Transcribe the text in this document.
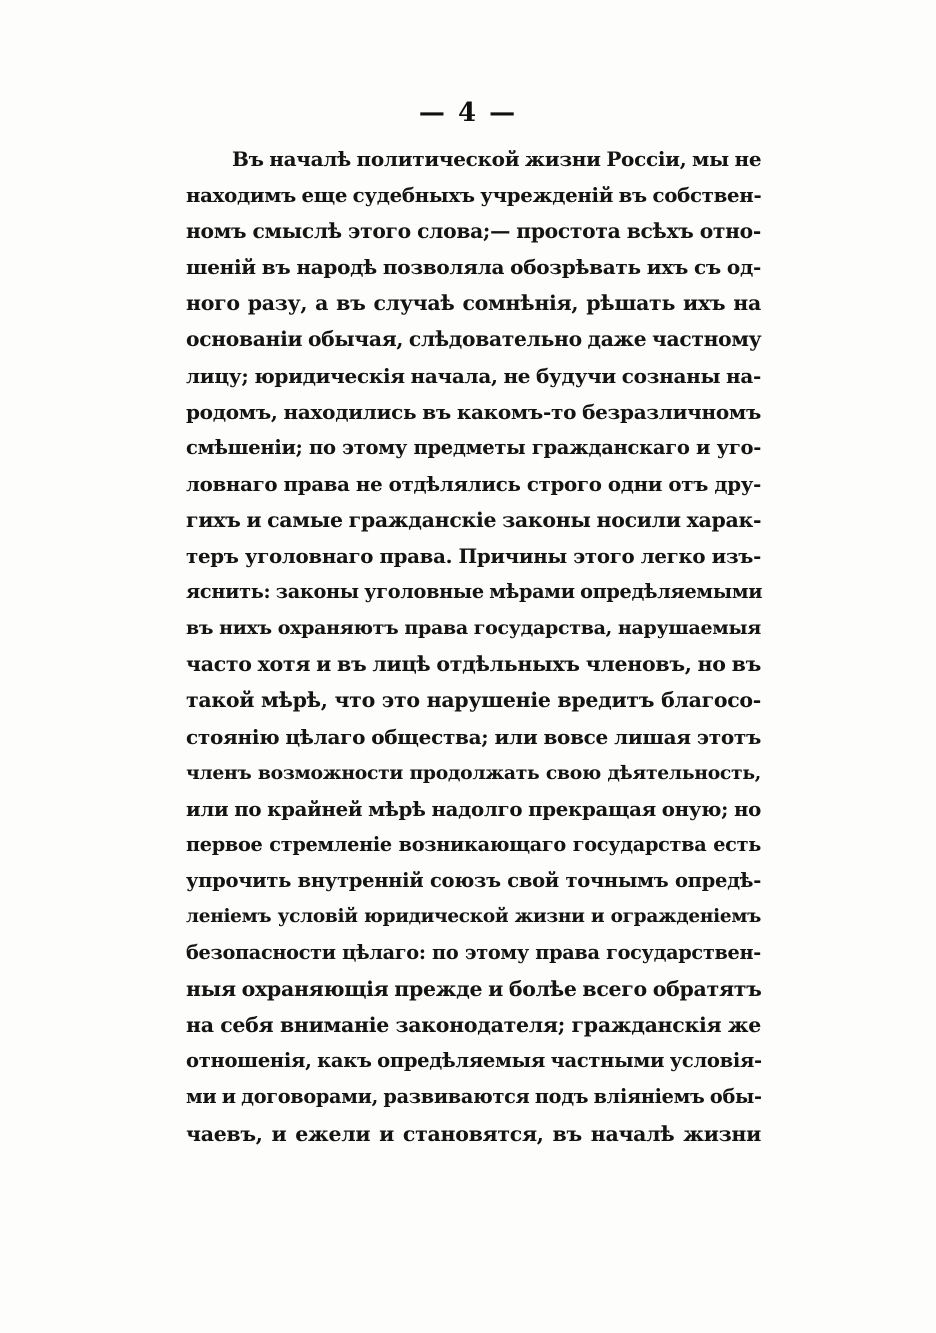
— 4 —
Въ началѣ политической жизни Россіи, мы не
находимъ еще судебныхъ учрежденій въ собствен-
номъ смыслѣ этого слова;— простота всѣхъ отно-
шеній въ народѣ позволяла обозрѣвать ихъ съ од-
ного разу, а въ случаѣ сомнѣнія, рѣшать ихъ на
основаніи обычая, слѣдовательно даже частному
лицу; юридическія начала, не будучи сознаны на-
родомъ, находились въ какомъ-то безразличномъ
смѣшеніи; по этому предметы гражданскаго и уго-
ловнаго права не отдѣлялись строго одни отъ дру-
гихъ и самые гражданскіе законы носили харак-
теръ уголовнаго права. Причины этого легко изъ-
яснить: законы уголовные мѣрами опредѣляемыми
въ нихъ охраняютъ права государства, нарушаемыя
часто хотя и въ лицѣ отдѣльныхъ членовъ, но въ
такой мѣрѣ, что это нарушеніе вредитъ благосо-
стоянію цѣлаго общества; или вовсе лишая этотъ
членъ возможности продолжать свою дѣятельность,
или по крайней мѣрѣ надолго прекращая оную; но
первое стремленіе возникающаго государства есть
упрочить внутренній союзъ свой точнымъ опредѣ-
леніемъ условій юридической жизни и огражденіемъ
безопасности цѣлаго: по этому права государствен-
ныя охраняющія прежде и болѣе всего обратятъ
на себя вниманіе законодателя; гражданскія же
отношенія, какъ опредѣляемыя частными условія-
ми и договорами, развиваются подъ вліяніемъ обы-
чаевъ, и ежели и становятся, въ началѣ жизни
